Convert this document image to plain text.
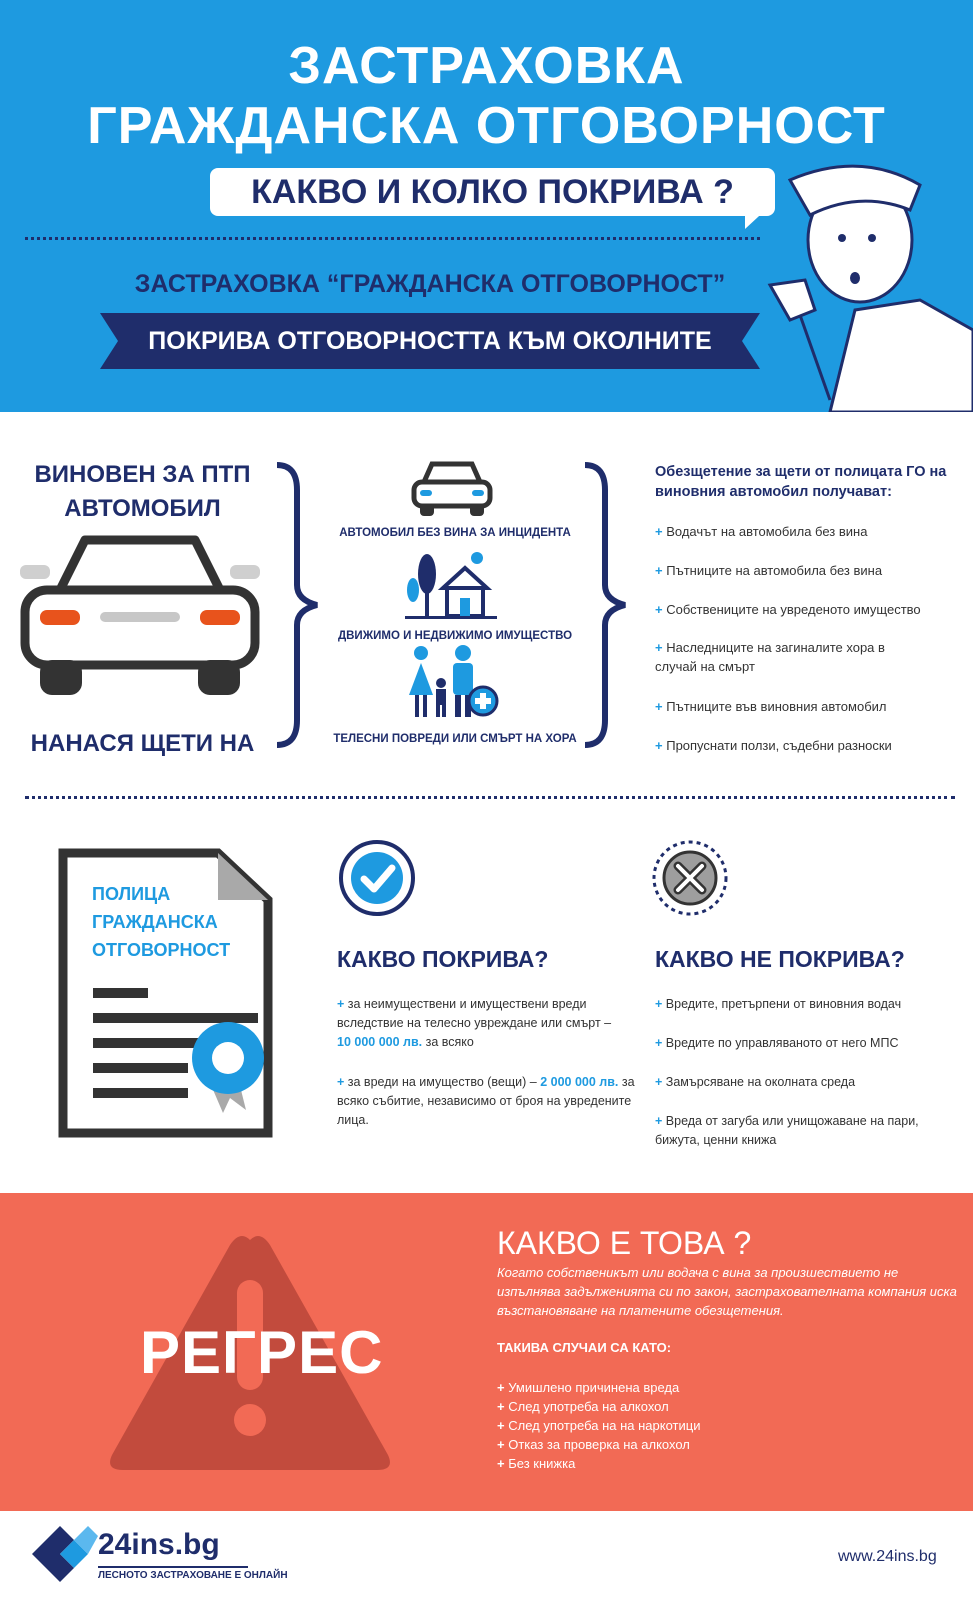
ЗАСТРАХОВКА
ГРАЖДАНСКА ОТГОВОРНОСТ
КАКВО И КОЛКО ПОКРИВА ?
ЗАСТРАХОВКА “ГРАЖДАНСКА ОТГОВОРНОСТ”
ПОКРИВА ОТГОВОРНОСТТА КЪМ ОКОЛНИТЕ
ВИНОВЕН ЗА ПТП АВТОМОБИЛ
НАНАСЯ ЩЕТИ НА
АВТОМОБИЛ БЕЗ ВИНА ЗА ИНЦИДЕНТА
ДВИЖИМО И НЕДВИЖИМО ИМУЩЕСТВО
ТЕЛЕСНИ ПОВРЕДИ ИЛИ СМЪРТ НА ХОРА
Обезщетение за щети от полицата ГО на виновния автомобил получават:
+ Водачът на автомобила без вина
+ Пътниците на автомобила без вина
+ Собствениците на увреденото имущество
+ Наследниците на загиналите хора в случай на смърт
+ Пътниците във виновния автомобил
+ Пропуснати ползи, съдебни разноски
ПОЛИЦА
ГРАЖДАНСКА
ОТГОВОРНОСТ	КАКВО ПОКРИВА?
+ за неимуществени и имуществени вреди вследствие на телесно увреждане или смърт –
10 000 000 лв. за всяко
+ за вреди на имущество (вещи) – 2 000 000 лв. за всяко събитие, независимо от броя на увредените лица.
КАКВО НЕ ПОКРИВА?
+ Вредите, претърпени от виновния водач
+ Вредите по управляваното от него МПС
+ Замърсяване на околната среда
+ Вреда от загуба или унищожаване на пари, бижута, ценни книжа
РЕГРЕС
КАКВО Е ТОВА ?
Когато собственикът или водача с вина за произшествието не изпълнява задълженията си по закон, застрахователната компания иска възстановяване на платените обезщетения.
ТАКИВА СЛУЧАИ СА КАТО:
+ Умишлено причинена вреда
+ След употреба на алкохол
+ След употреба на на наркотици
+ Отказ за проверка на алкохол
+ Без книжка
24ins.bg
ЛЕСНОТО ЗАСТРАХОВАНЕ Е ОНЛАЙН
www.24ins.bg
